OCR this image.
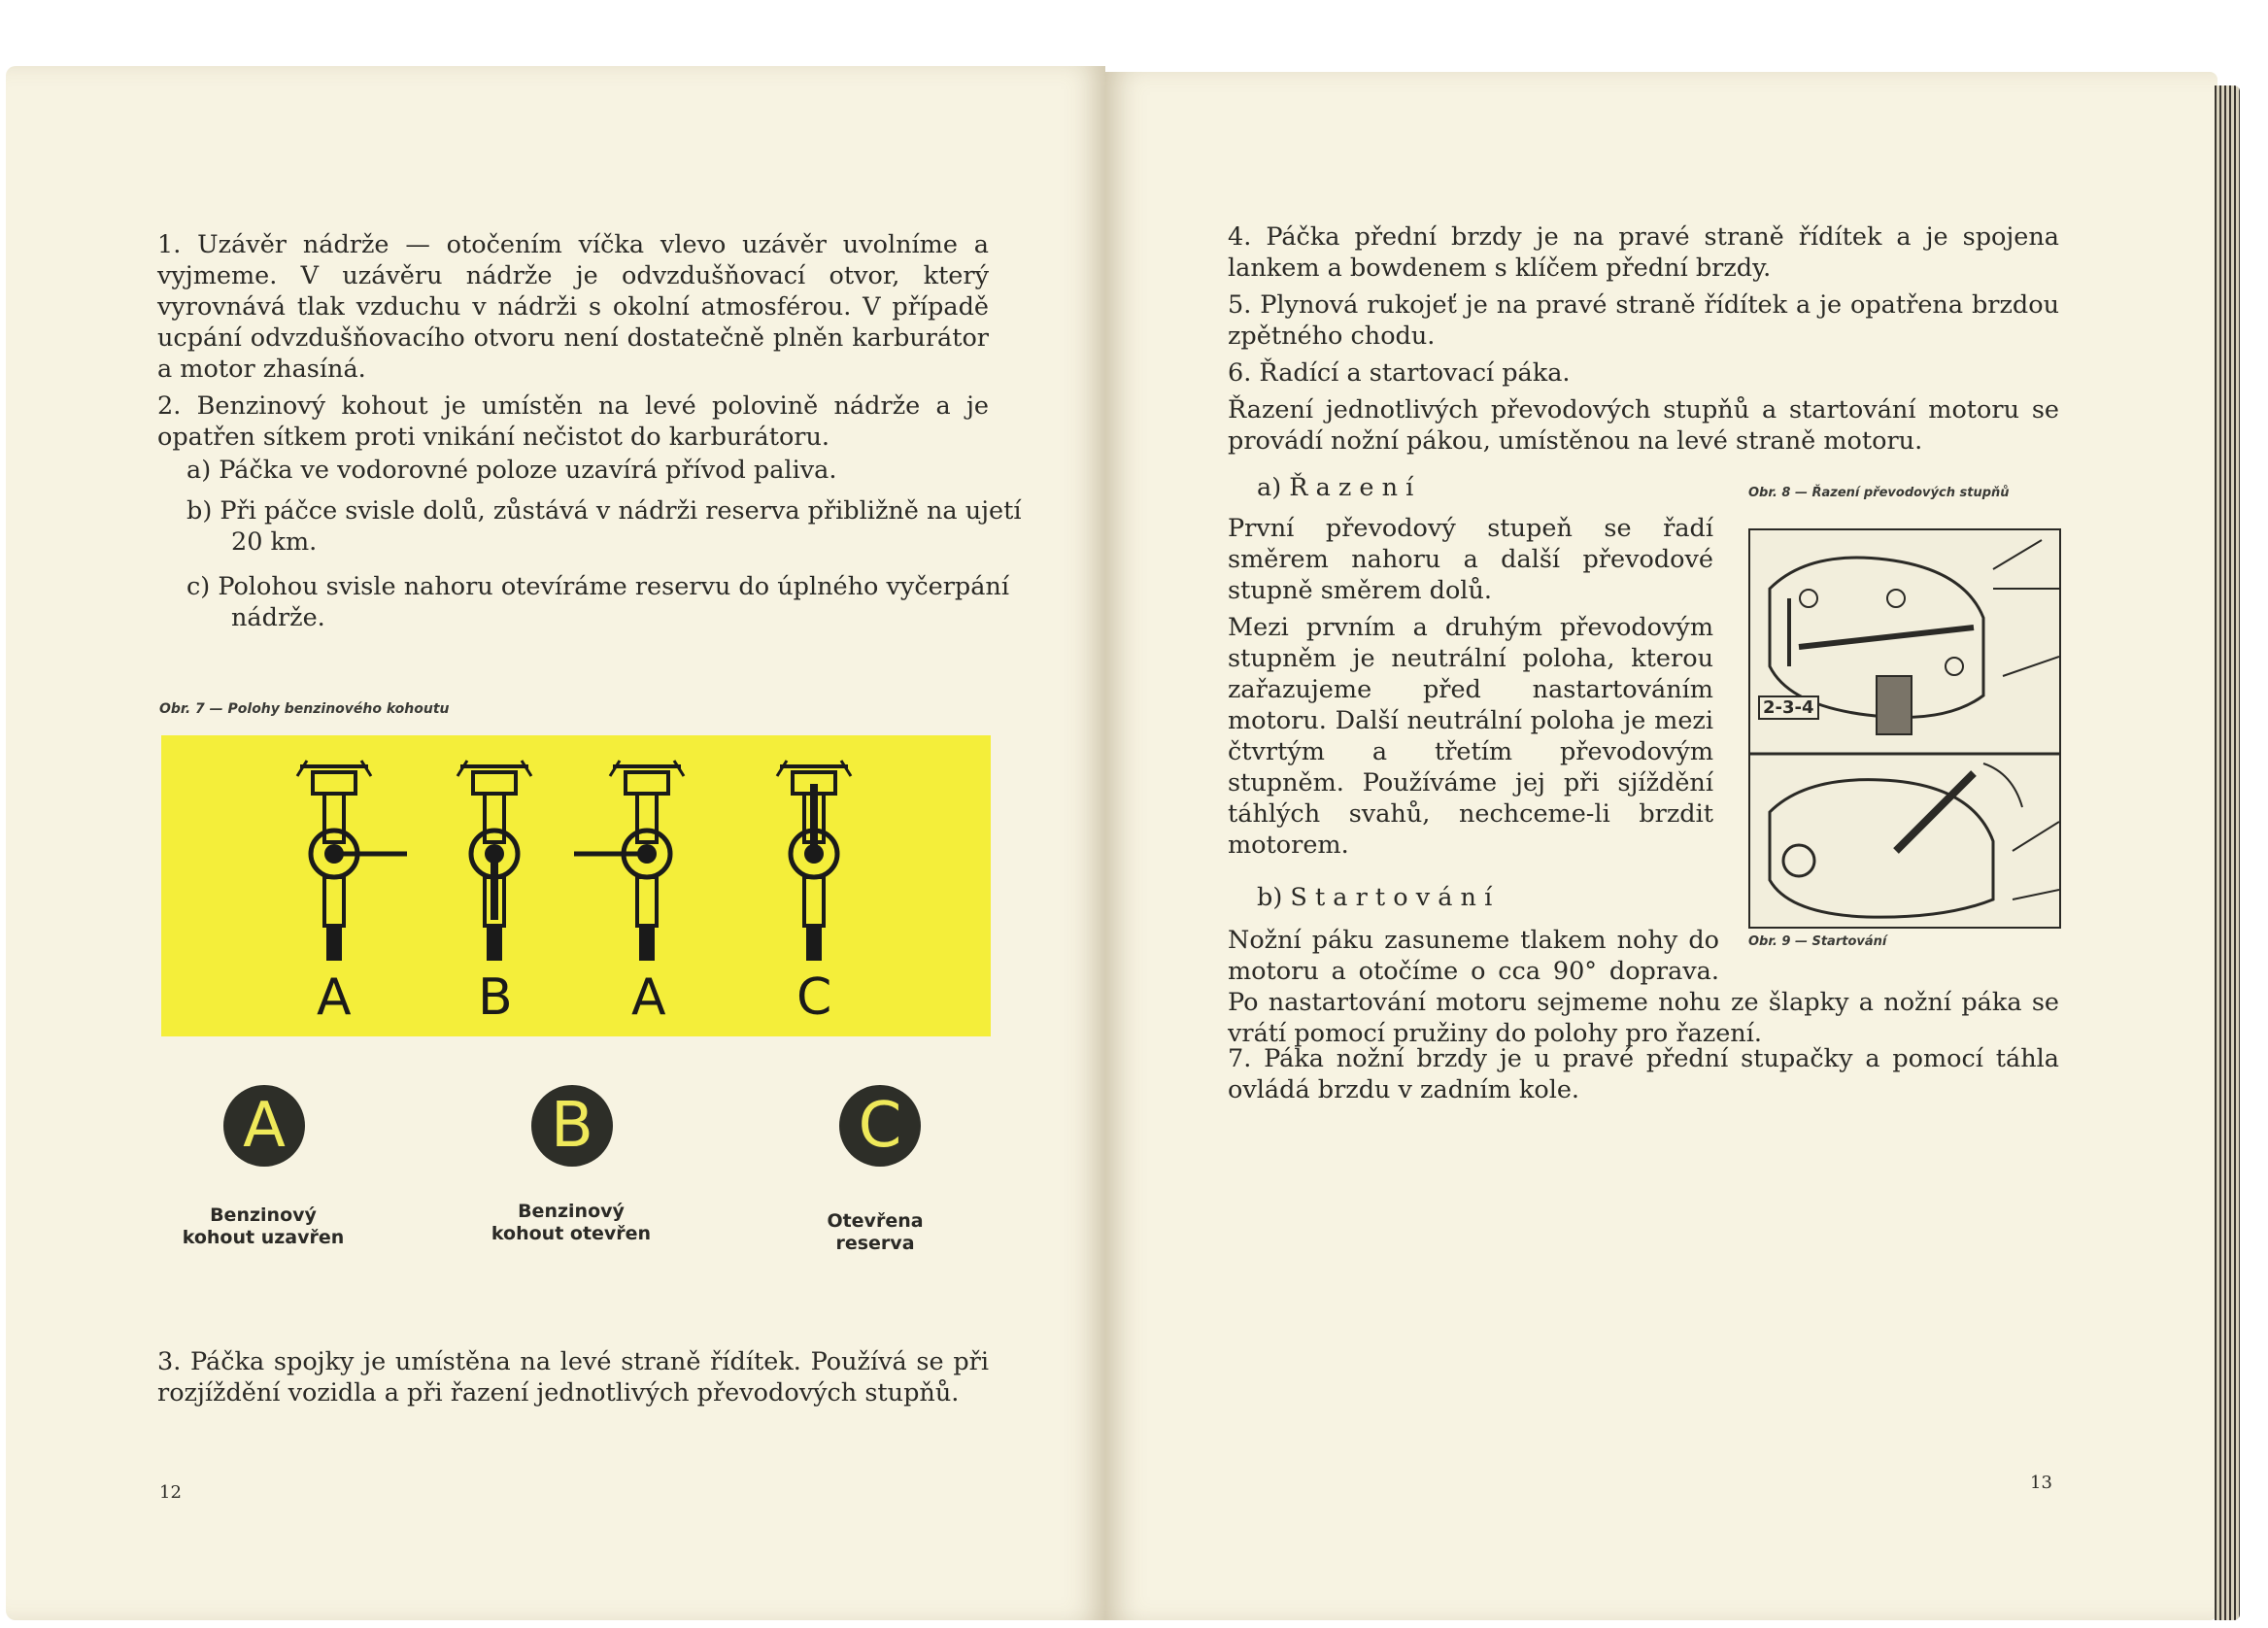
1. Uzávěr nádrže — otočením víčka vlevo uzávěr uvolníme a vyjmeme. V uzávěru nádrže je odvzdušňovací otvor, který vyrovnává tlak vzduchu v nádrži s okolní atmosférou. V případě ucpání odvzdušňovacího otvoru není dostatečně plněn karburátor a motor zhasíná.

2. Benzinový kohout je umístěn na levé polovině nádrže a je opatřen sítkem proti vnikání nečistot do karburátoru.

a) Páčka ve vodorovné poloze uzavírá přívod paliva.

b) Při páčce svisle dolů, zůstává v nádrži reserva přibližně na ujetí 20 km.

c) Polohou svisle nahoru otevíráme reservu do úplného vyčerpání nádrže.

Obr. 7 — Polohy benzinového kohoutu
A	B A	C
A	B	C
Benzinový kohout uzavřen
Benzinový kohout otevřen
Otevřena reserva

3. Páčka spojky je umístěna na levé straně řídítek. Používá se při rozjíždění vozidla a při řazení jednotlivých převodových stupňů.

12

4. Páčka přední brzdy je na pravé straně řídítek a je spojena lankem a bowdenem s klíčem přední brzdy.

5. Plynová rukojeť je na pravé straně řídítek a je opatřena brzdou zpětného chodu.

6. Řadící a startovací páka.

Řazení jednotlivých převodových stupňů a startování motoru se provádí nožní pákou, umístěnou na levé straně motoru.

a) Ř a z e n í	Obr. 8 — Řazení převodových stupňů

První převodový stupeň se řadí směrem nahoru a další převodové stupně směrem dolů.

Mezi prvním a druhým převodovým stupněm je neutrální poloha, kterou zařazujeme před nastartováním motoru. Další neutrální poloha je mezi čtvrtým a třetím převodovým stupněm. Používáme jej při sjíždění táhlých svahů, nechceme-li brzdit motorem.

2-3-4

b) S t a r t o v á n í

Obr. 9 — Startování

Nožní páku zasuneme tlakem nohy do motoru a otočíme o cca 90° doprava. Po nastartování motoru sejmeme nohu ze šlapky a nožní páka se vrátí pomocí pružiny do polohy pro řazení.

7. Páka nožní brzdy je u pravé přední stupačky a pomocí táhla ovládá brzdu v zadním kole.

13
